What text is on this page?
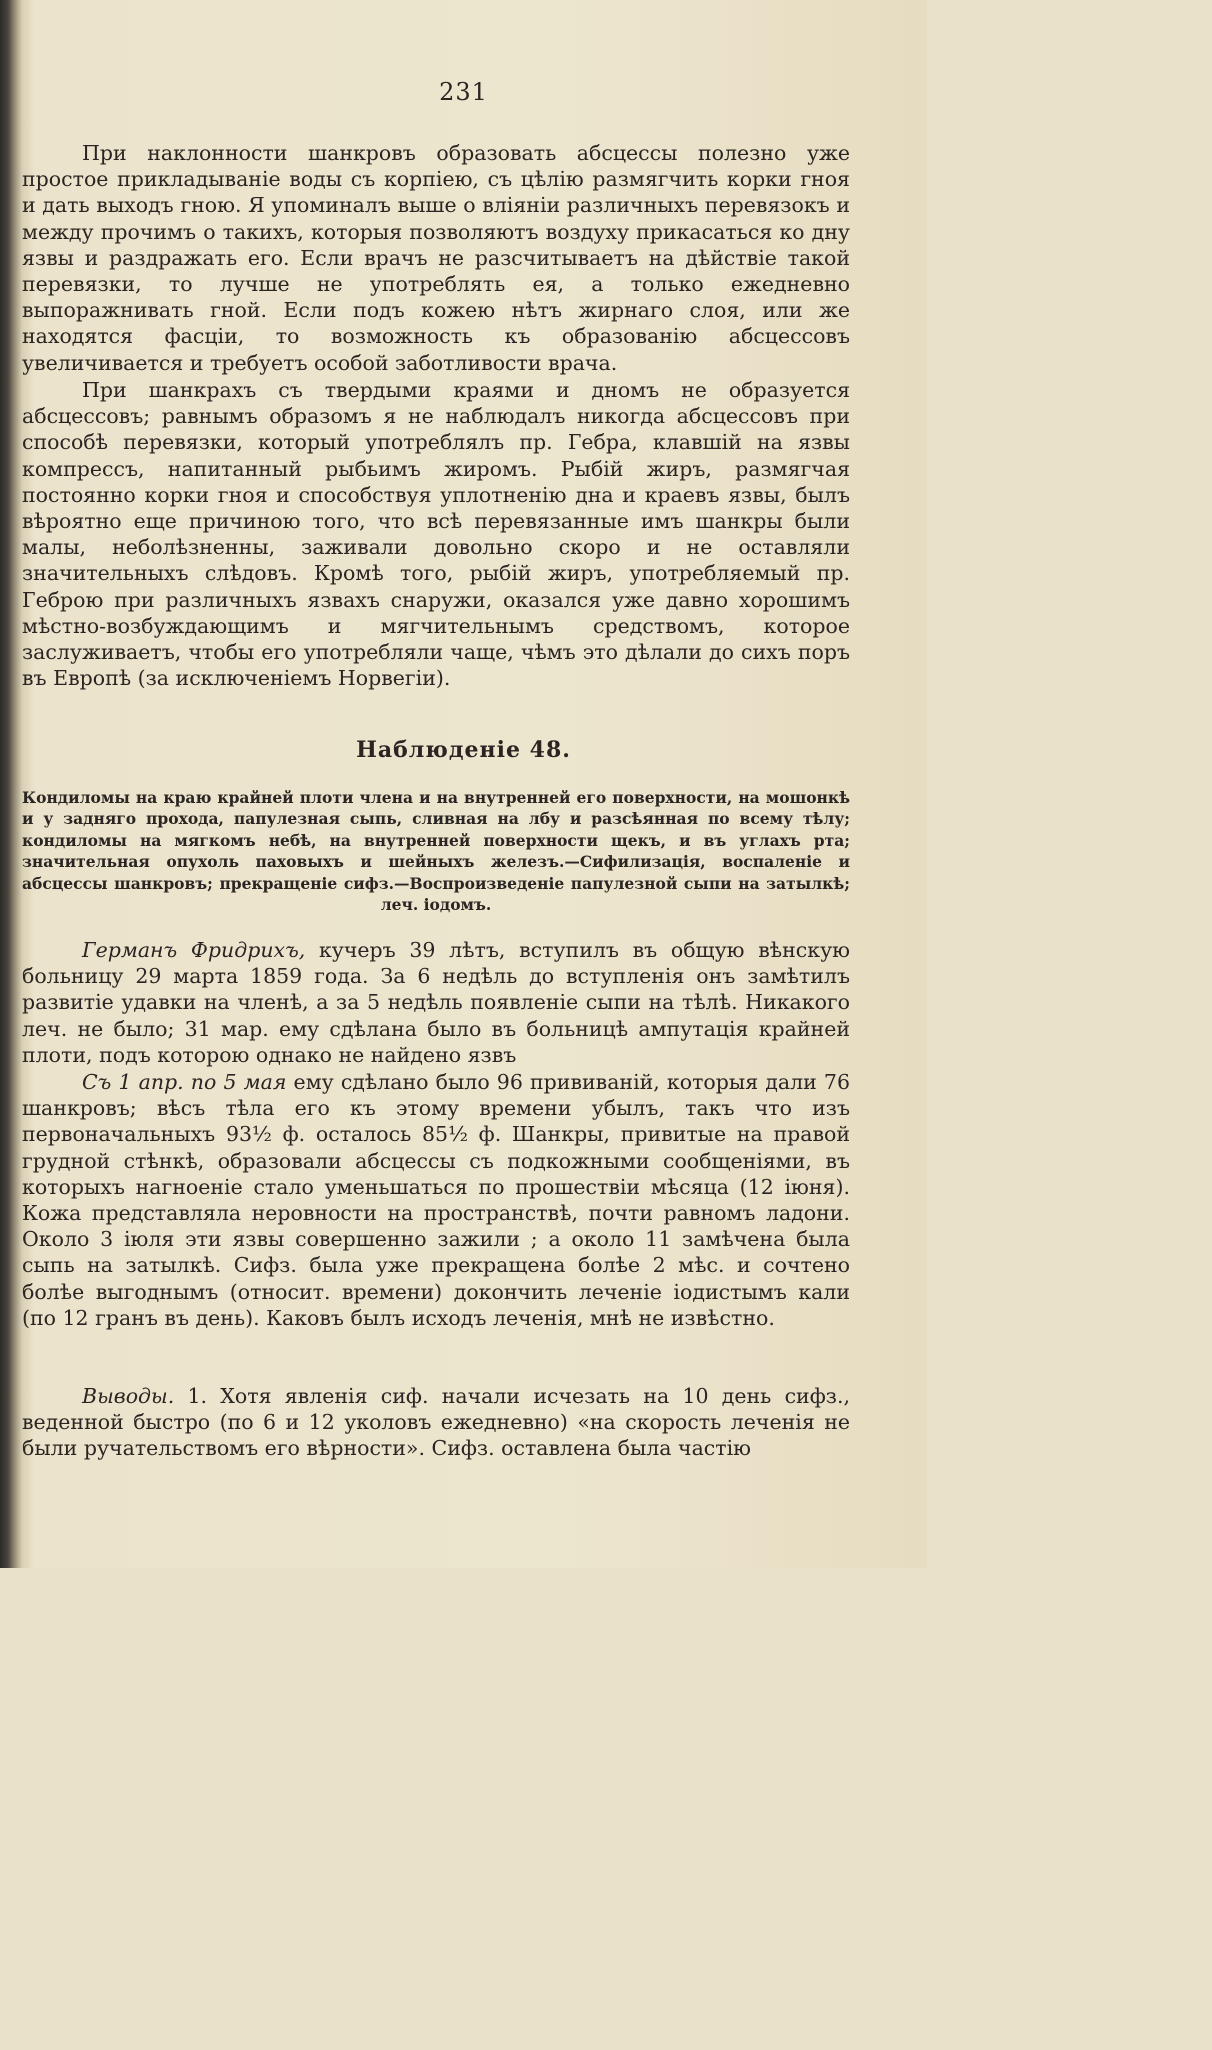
231

При наклонности шанкровъ образовать абсцессы полезно уже простое прикладываніе воды съ корпіею, съ цѣлію размягчить корки гноя и дать выходъ гною. Я упоминалъ выше о вліяніи различныхъ перевязокъ и между прочимъ о такихъ, которыя позволяютъ воздуху прикасаться ко дну язвы и раздражать его. Если врачъ не разсчитываетъ на дѣйствіе такой перевязки, то лучше не употреблять ея, а только ежедневно выпоражнивать гной. Если подъ кожею нѣтъ жирнаго слоя, или же находятся фасціи, то возможность къ образованію абсцессовъ увеличивается и требуетъ особой заботливости врача.

При шанкрахъ съ твердыми краями и дномъ не образуется абсцессовъ; равнымъ образомъ я не наблюдалъ никогда абсцессовъ при способѣ перевязки, который употреблялъ пр. Гебра, клавшій на язвы компрессъ, напитанный рыбьимъ жиромъ. Рыбій жиръ, размягчая постоянно корки гноя и способствуя уплотненію дна и краевъ язвы, былъ вѣроятно еще причиною того, что всѣ перевязанные имъ шанкры были малы, неболѣзненны, заживали довольно скоро и не оставляли значительныхъ слѣдовъ. Кромѣ того, рыбій жиръ, употребляемый пр. Геброю при различныхъ язвахъ снаружи, оказался уже давно хорошимъ мѣстно-возбуждающимъ и мягчительнымъ средствомъ, которое заслуживаетъ, чтобы его употребляли чаще, чѣмъ это дѣлали до сихъ поръ въ Европѣ (за исключеніемъ Норвегіи).

Наблюденіе 48.
Кондиломы на краю крайней плоти члена и на внутренней его поверхности, на мошонкѣ и у задняго прохода, папулезная сыпь, сливная на лбу и разсѣянная по всему тѣлу; кондиломы на мягкомъ небѣ, на внутренней поверхности щекъ, и въ углахъ рта; значительная опухоль паховыхъ и шейныхъ железъ.—Сифилизація, воспаленіе и абсцессы шанкровъ; прекращеніе сифз.—Воспроизведеніе папулезной сыпи на затылкѣ; леч. іодомъ.

Германъ Фридрихъ, кучеръ 39 лѣтъ, вступилъ въ общую вѣнскую больницу 29 марта 1859 года. За 6 недѣль до вступленія онъ замѣтилъ развитіе удавки на членѣ, а за 5 недѣль появленіе сыпи на тѣлѣ. Никакого леч. не было; 31 мар. ему сдѣлана было въ больницѣ ампутація крайней плоти, подъ которою однако не найдено язвъ

Съ 1 апр. по 5 мая ему сдѣлано было 96 прививаній, которыя дали 76 шанкровъ; вѣсъ тѣла его къ этому времени убылъ, такъ что изъ первоначальныхъ 93½ ф. осталось 85½ ф. Шанкры, привитые на правой грудной стѣнкѣ, образовали абсцессы съ подкожными сообщеніями, въ которыхъ нагноеніе стало уменьшаться по прошествіи мѣсяца (12 іюня). Кожа представляла неровности на пространствѣ, почти равномъ ладони. Около 3 іюля эти язвы совершенно зажили ; а около 11 замѣчена была сыпь на затылкѣ. Сифз. была уже прекращена болѣе 2 мѣс. и сочтено болѣе выгоднымъ (относит. времени) докончить леченіе іодистымъ кали (по 12 гранъ въ день). Каковъ былъ исходъ леченія, мнѣ не извѣстно.

Выводы. 1. Хотя явленія сиф. начали исчезать на 10 день сифз., веденной быстро (по 6 и 12 уколовъ ежедневно) «на скорость леченія не были ручательствомъ его вѣрности». Сифз. оставлена была частію
